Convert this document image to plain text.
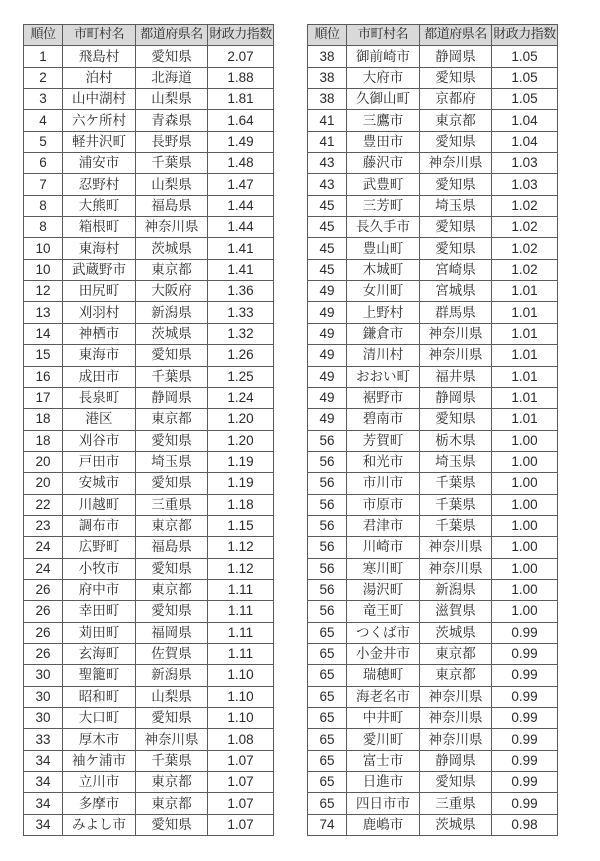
順位	市町村名	都道府県名	財政力指数
1	飛島村	愛知県	2.07
2	泊村	北海道	1.88
3	山中湖村	山梨県	1.81
4	六ケ所村	青森県	1.64
5	軽井沢町	長野県	1.49
6	浦安市	千葉県	1.48
7	忍野村	山梨県	1.47
8	大熊町	福島県	1.44
8	箱根町	神奈川県	1.44
10	東海村	茨城県	1.41
10	武蔵野市	東京都	1.41
12	田尻町	大阪府	1.36
13	刈羽村	新潟県	1.33
14	神栖市	茨城県	1.32
15	東海市	愛知県	1.26
16	成田市	千葉県	1.25
17	長泉町	静岡県	1.24
18	港区	東京都	1.20
18	刈谷市	愛知県	1.20
20	戸田市	埼玉県	1.19
20	安城市	愛知県	1.19
22	川越町	三重県	1.18
23	調布市	東京都	1.15
24	広野町	福島県	1.12
24	小牧市	愛知県	1.12
26	府中市	東京都	1.11
26	幸田町	愛知県	1.11
26	苅田町	福岡県	1.11
26	玄海町	佐賀県	1.11
30	聖籠町	新潟県	1.10
30	昭和町	山梨県	1.10
30	大口町	愛知県	1.10
33	厚木市	神奈川県	1.08
34	袖ケ浦市	千葉県	1.07
34	立川市	東京都	1.07
34	多摩市	東京都	1.07
34	みよし市	愛知県	1.07
順位	市町村名	都道府県名	財政力指数
38	御前崎市	静岡県	1.05
38	大府市	愛知県	1.05
38	久御山町	京都府	1.05
41	三鷹市	東京都	1.04
41	豊田市	愛知県	1.04
43	藤沢市	神奈川県	1.03
43	武豊町	愛知県	1.03
45	三芳町	埼玉県	1.02
45	長久手市	愛知県	1.02
45	豊山町	愛知県	1.02
45	木城町	宮崎県	1.02
49	女川町	宮城県	1.01
49	上野村	群馬県	1.01
49	鎌倉市	神奈川県	1.01
49	清川村	神奈川県	1.01
49	おおい町	福井県	1.01
49	裾野市	静岡県	1.01
49	碧南市	愛知県	1.01
56	芳賀町	栃木県	1.00
56	和光市	埼玉県	1.00
56	市川市	千葉県	1.00
56	市原市	千葉県	1.00
56	君津市	千葉県	1.00
56	川崎市	神奈川県	1.00
56	寒川町	神奈川県	1.00
56	湯沢町	新潟県	1.00
56	竜王町	滋賀県	1.00
65	つくば市	茨城県	0.99
65	小金井市	東京都	0.99
65	瑞穂町	東京都	0.99
65	海老名市	神奈川県	0.99
65	中井町	神奈川県	0.99
65	愛川町	神奈川県	0.99
65	富士市	静岡県	0.99
65	日進市	愛知県	0.99
65	四日市市	三重県	0.99
74	鹿嶋市	茨城県	0.98
